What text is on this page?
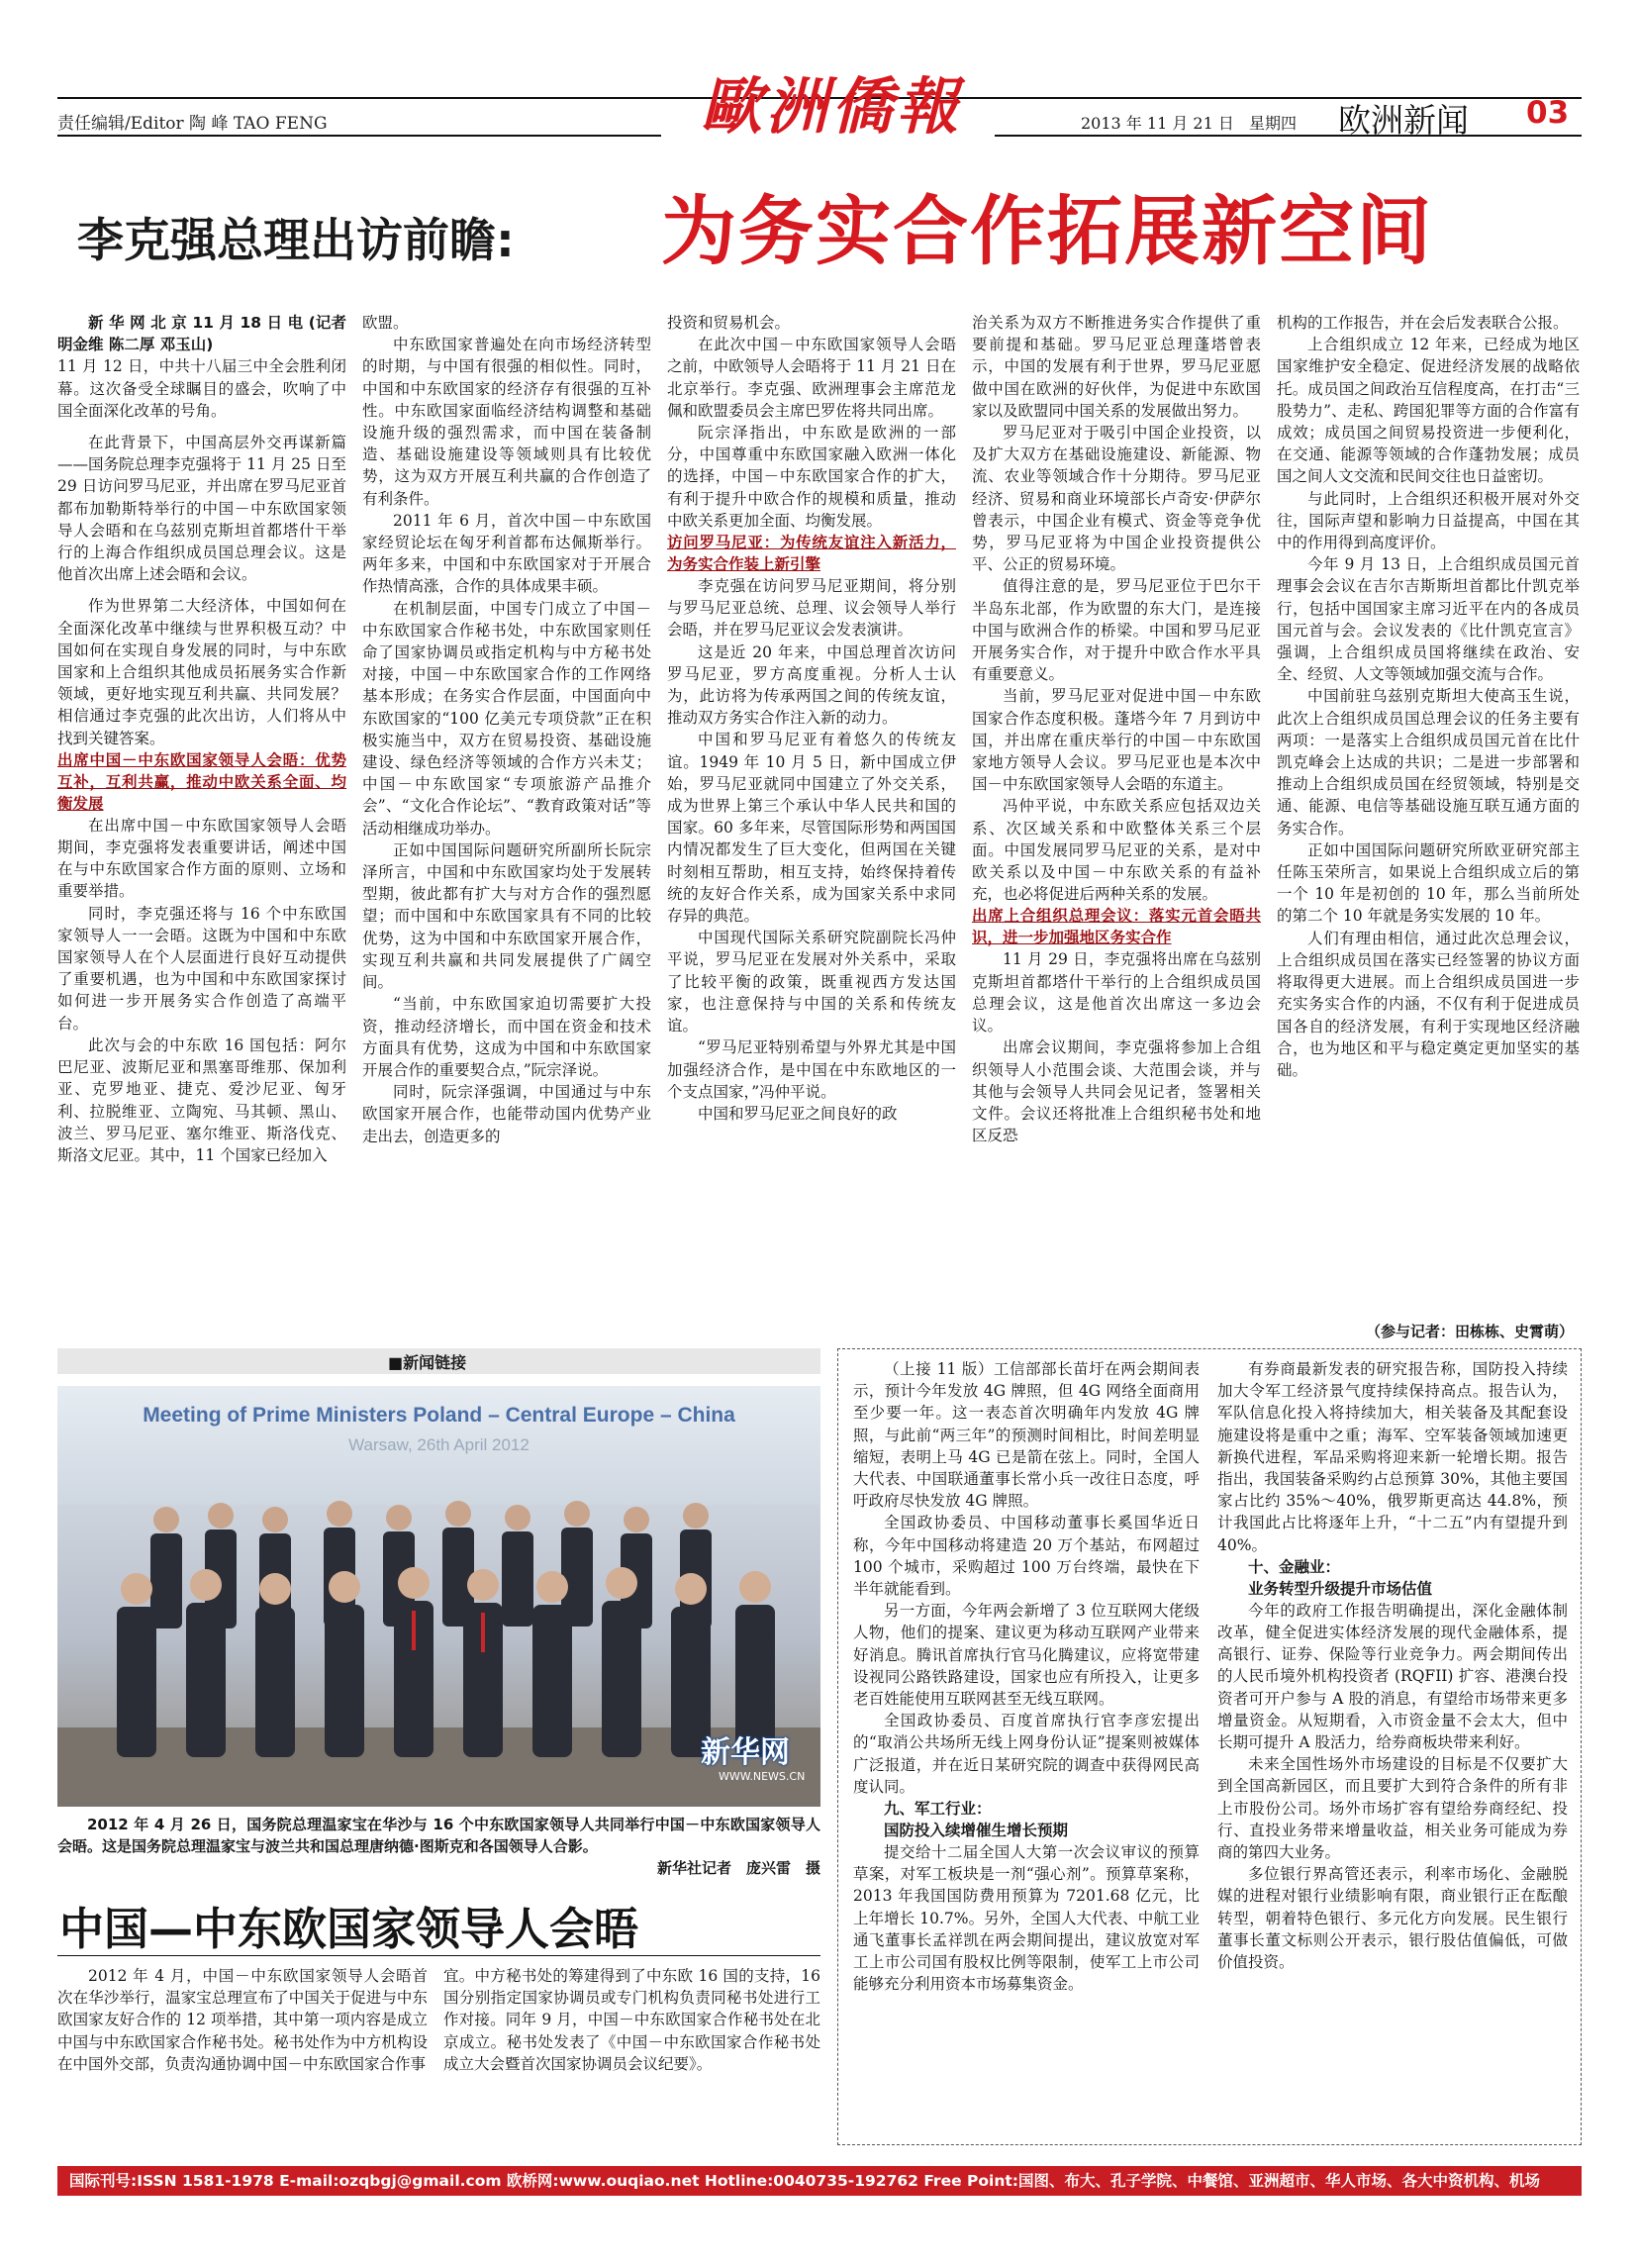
责任编辑/Editor 陶 峰 TAO FENG	歐洲僑報	2013 年 11 月 21 日 星期四 欧洲新闻 03
李克强总理出访前瞻: 为务实合作拓展新空间

新 华 网 北 京 11 月 18 日 电 (记者 明金维 陈二厚 邓玉山)

11 月 12 日，中共十八届三中全会胜利闭幕。这次备受全球瞩目的盛会，吹响了中国全面深化改革的号角。

在此背景下，中国高层外交再谋新篇——国务院总理李克强将于 11 月 25 日至 29 日访问罗马尼亚，并出席在罗马尼亚首都布加勒斯特举行的中国－中东欧国家领导人会晤和在乌兹别克斯坦首都塔什干举行的上海合作组织成员国总理会议。这是他首次出席上述会晤和会议。

作为世界第二大经济体，中国如何在全面深化改革中继续与世界积极互动？中国如何在实现自身发展的同时，与中东欧国家和上合组织其他成员拓展务实合作新领域，更好地实现互利共赢、共同发展？相信通过李克强的此次出访，人们将从中找到关键答案。

出席中国－中东欧国家领导人会晤：优势互补，互利共赢，推动中欧关系全面、均衡发展

在出席中国－中东欧国家领导人会晤期间，李克强将发表重要讲话，阐述中国在与中东欧国家合作方面的原则、立场和重要举措。

同时，李克强还将与 16 个中东欧国家领导人一一会晤。这既为中国和中东欧国家领导人在个人层面进行良好互动提供了重要机遇，也为中国和中东欧国家探讨如何进一步开展务实合作创造了高端平台。

此次与会的中东欧 16 国包括：阿尔巴尼亚、波斯尼亚和黑塞哥维那、保加利亚、克罗地亚、捷克、爱沙尼亚、匈牙利、拉脱维亚、立陶宛、马其顿、黑山、波兰、罗马尼亚、塞尔维亚、斯洛伐克、斯洛文尼亚。其中，11 个国家已经加入

欧盟。

中东欧国家普遍处在向市场经济转型的时期，与中国有很强的相似性。同时，中国和中东欧国家的经济存有很强的互补性。中东欧国家面临经济结构调整和基础设施升级的强烈需求，而中国在装备制造、基础设施建设等领域则具有比较优势，这为双方开展互利共赢的合作创造了有利条件。

2011 年 6 月，首次中国－中东欧国家经贸论坛在匈牙利首都布达佩斯举行。两年多来，中国和中东欧国家对于开展合作热情高涨，合作的具体成果丰硕。

在机制层面，中国专门成立了中国－中东欧国家合作秘书处，中东欧国家则任命了国家协调员或指定机构与中方秘书处对接，中国－中东欧国家合作的工作网络基本形成；在务实合作层面，中国面向中东欧国家的“100 亿美元专项贷款”正在积极实施当中，双方在贸易投资、基础设施建设、绿色经济等领域的合作方兴未艾；中国－中东欧国家“专项旅游产品推介会”、“文化合作论坛”、“教育政策对话”等活动相继成功举办。

正如中国国际问题研究所副所长阮宗泽所言，中国和中东欧国家均处于发展转型期，彼此都有扩大与对方合作的强烈愿望；而中国和中东欧国家具有不同的比较优势，这为中国和中东欧国家开展合作，实现互利共赢和共同发展提供了广阔空间。

“当前，中东欧国家迫切需要扩大投资，推动经济增长，而中国在资金和技术方面具有优势，这成为中国和中东欧国家开展合作的重要契合点，”阮宗泽说。

同时，阮宗泽强调，中国通过与中东欧国家开展合作，也能带动国内优势产业走出去，创造更多的

投资和贸易机会。

在此次中国－中东欧国家领导人会晤之前，中欧领导人会晤将于 11 月 21 日在北京举行。李克强、欧洲理事会主席范龙佩和欧盟委员会主席巴罗佐将共同出席。

阮宗泽指出，中东欧是欧洲的一部分，中国尊重中东欧国家融入欧洲一体化的选择，中国－中东欧国家合作的扩大，有利于提升中欧合作的规模和质量，推动中欧关系更加全面、均衡发展。

访问罗马尼亚：为传统友谊注入新活力，为务实合作装上新引擎

李克强在访问罗马尼亚期间，将分别与罗马尼亚总统、总理、议会领导人举行会晤，并在罗马尼亚议会发表演讲。

这是近 20 年来，中国总理首次访问罗马尼亚，罗方高度重视。分析人士认为，此访将为传承两国之间的传统友谊，推动双方务实合作注入新的动力。

中国和罗马尼亚有着悠久的传统友谊。1949 年 10 月 5 日，新中国成立伊始，罗马尼亚就同中国建立了外交关系，成为世界上第三个承认中华人民共和国的国家。60 多年来，尽管国际形势和两国国内情况都发生了巨大变化，但两国在关键时刻相互帮助，相互支持，始终保持着传统的友好合作关系，成为国家关系中求同存异的典范。

中国现代国际关系研究院副院长冯仲平说，罗马尼亚在发展对外关系中，采取了比较平衡的政策，既重视西方发达国家，也注意保持与中国的关系和传统友谊。

“罗马尼亚特别希望与外界尤其是中国加强经济合作，是中国在中东欧地区的一个支点国家，”冯仲平说。

中国和罗马尼亚之间良好的政

治关系为双方不断推进务实合作提供了重要前提和基础。罗马尼亚总理蓬塔曾表示，中国的发展有利于世界，罗马尼亚愿做中国在欧洲的好伙伴，为促进中东欧国家以及欧盟同中国关系的发展做出努力。

罗马尼亚对于吸引中国企业投资，以及扩大双方在基础设施建设、新能源、物流、农业等领域合作十分期待。罗马尼亚经济、贸易和商业环境部长卢奇安·伊萨尔曾表示，中国企业有模式、资金等竞争优势，罗马尼亚将为中国企业投资提供公平、公正的贸易环境。

值得注意的是，罗马尼亚位于巴尔干半岛东北部，作为欧盟的东大门，是连接中国与欧洲合作的桥梁。中国和罗马尼亚开展务实合作，对于提升中欧合作水平具有重要意义。

当前，罗马尼亚对促进中国－中东欧国家合作态度积极。蓬塔今年 7 月到访中国，并出席在重庆举行的中国－中东欧国家地方领导人会议。罗马尼亚也是本次中国－中东欧国家领导人会晤的东道主。

冯仲平说，中东欧关系应包括双边关系、次区域关系和中欧整体关系三个层面。中国发展同罗马尼亚的关系，是对中欧关系以及中国－中东欧关系的有益补充，也必将促进后两种关系的发展。

出席上合组织总理会议：落实元首会晤共识，进一步加强地区务实合作

11 月 29 日，李克强将出席在乌兹别克斯坦首都塔什干举行的上合组织成员国总理会议，这是他首次出席这一多边会议。

出席会议期间，李克强将参加上合组织领导人小范围会谈、大范围会谈，并与其他与会领导人共同会见记者，签署相关文件。会议还将批准上合组织秘书处和地区反恐

机构的工作报告，并在会后发表联合公报。

上合组织成立 12 年来，已经成为地区国家维护安全稳定、促进经济发展的战略依托。成员国之间政治互信程度高，在打击“三股势力”、走私、跨国犯罪等方面的合作富有成效；成员国之间贸易投资进一步便利化，在交通、能源等领域的合作蓬勃发展；成员国之间人文交流和民间交往也日益密切。

与此同时，上合组织还积极开展对外交往，国际声望和影响力日益提高，中国在其中的作用得到高度评价。

今年 9 月 13 日，上合组织成员国元首理事会会议在吉尔吉斯斯坦首都比什凯克举行，包括中国国家主席习近平在内的各成员国元首与会。会议发表的《比什凯克宣言》强调，上合组织成员国将继续在政治、安全、经贸、人文等领域加强交流与合作。

中国前驻乌兹别克斯坦大使高玉生说，此次上合组织成员国总理会议的任务主要有两项：一是落实上合组织成员国元首在比什凯克峰会上达成的共识；二是进一步部署和推动上合组织成员国在经贸领域，特别是交通、能源、电信等基础设施互联互通方面的务实合作。

正如中国国际问题研究所欧亚研究部主任陈玉荣所言，如果说上合组织成立后的第一个 10 年是初创的 10 年，那么当前所处的第二个 10 年就是务实发展的 10 年。

人们有理由相信，通过此次总理会议，上合组织成员国在落实已经签署的协议方面将取得更大进展。而上合组织成员国进一步充实务实合作的内涵，不仅有利于促进成员国各自的经济发展，有利于实现地区经济融合，也为地区和平与稳定奠定更加坚实的基础。

（参与记者：田栋栋、史霄萌）
■新闻链接
Meeting of Prime Ministers Poland – Central Europe – China
Warsaw, 26th April 2012
新华网
WWW.NEWS.CN
2012 年 4 月 26 日，国务院总理温家宝在华沙与 16 个中东欧国家领导人共同举行中国－中东欧国家领导人会晤。这是国务院总理温家宝与波兰共和国总理唐纳德·图斯克和各国领导人合影。
新华社记者　庞兴雷　摄
中国—中东欧国家领导人会晤

2012 年 4 月，中国－中东欧国家领导人会晤首次在华沙举行，温家宝总理宣布了中国关于促进与中东欧国家友好合作的 12 项举措，其中第一项内容是成立中国与中东欧国家合作秘书处。秘书处作为中方机构设在中国外交部，负责沟通协调中国－中东欧国家合作事

宜。中方秘书处的筹建得到了中东欧 16 国的支持，16 国分别指定国家协调员或专门机构负责同秘书处进行工作对接。同年 9 月，中国－中东欧国家合作秘书处在北京成立。秘书处发表了《中国－中东欧国家合作秘书处成立大会暨首次国家协调员会议纪要》。

（上接 11 版）工信部部长苗圩在两会期间表示，预计今年发放 4G 牌照，但 4G 网络全面商用至少要一年。这一表态首次明确年内发放 4G 牌照，与此前“两三年”的预测时间相比，时间差明显缩短，表明上马 4G 已是箭在弦上。同时，全国人大代表、中国联通董事长常小兵一改往日态度，呼吁政府尽快发放 4G 牌照。

全国政协委员、中国移动董事长奚国华近日称，今年中国移动将建造 20 万个基站，布网超过 100 个城市，采购超过 100 万台终端，最快在下半年就能看到。

另一方面，今年两会新增了 3 位互联网大佬级人物，他们的提案、建议更为移动互联网产业带来好消息。腾讯首席执行官马化腾建议，应将宽带建设视同公路铁路建设，国家也应有所投入，让更多老百姓能使用互联网甚至无线互联网。

全国政协委员、百度首席执行官李彦宏提出的“取消公共场所无线上网身份认证”提案则被媒体广泛报道，并在近日某研究院的调查中获得网民高度认同。

九、军工行业：

国防投入续增催生增长预期

提交给十二届全国人大第一次会议审议的预算草案，对军工板块是一剂“强心剂”。预算草案称，2013 年我国国防费用预算为 7201.68 亿元，比上年增长 10.7%。另外，全国人大代表、中航工业通飞董事长孟祥凯在两会期间提出，建议放宽对军工上市公司国有股权比例等限制，使军工上市公司能够充分利用资本市场募集资金。

有券商最新发表的研究报告称，国防投入持续加大令军工经济景气度持续保持高点。报告认为，军队信息化投入将持续加大，相关装备及其配套设施建设将是重中之重；海军、空军装备领域加速更新换代进程，军品采购将迎来新一轮增长期。报告指出，我国装备采购约占总预算 30%，其他主要国家占比约 35%～40%，俄罗斯更高达 44.8%，预计我国此占比将逐年上升，“十二五”内有望提升到 40%。

十、金融业：

业务转型升级提升市场估值

今年的政府工作报告明确提出，深化金融体制改革，健全促进实体经济发展的现代金融体系，提高银行、证券、保险等行业竞争力。两会期间传出的人民币境外机构投资者 (RQFII) 扩容、港澳台投资者可开户参与 A 股的消息，有望给市场带来更多增量资金。从短期看，入市资金量不会太大，但中长期可提升 A 股活力，给券商板块带来利好。

未来全国性场外市场建设的目标是不仅要扩大到全国高新园区，而且要扩大到符合条件的所有非上市股份公司。场外市场扩容有望给券商经纪、投行、直投业务带来增量收益，相关业务可能成为券商的第四大业务。

多位银行界高管还表示，利率市场化、金融脱媒的进程对银行业绩影响有限，商业银行正在酝酿转型，朝着特色银行、多元化方向发展。民生银行董事长董文标则公开表示，银行股估值偏低，可做价值投资。

国际刊号:ISSN 1581-1978 E-mail:ozqbgj@gmail.com 欧桥网:www.ouqiao.net Hotline:0040735-192762 Free Point:国图、布大、孔子学院、中餐馆、亚洲超市、华人市场、各大中资机构、机场
